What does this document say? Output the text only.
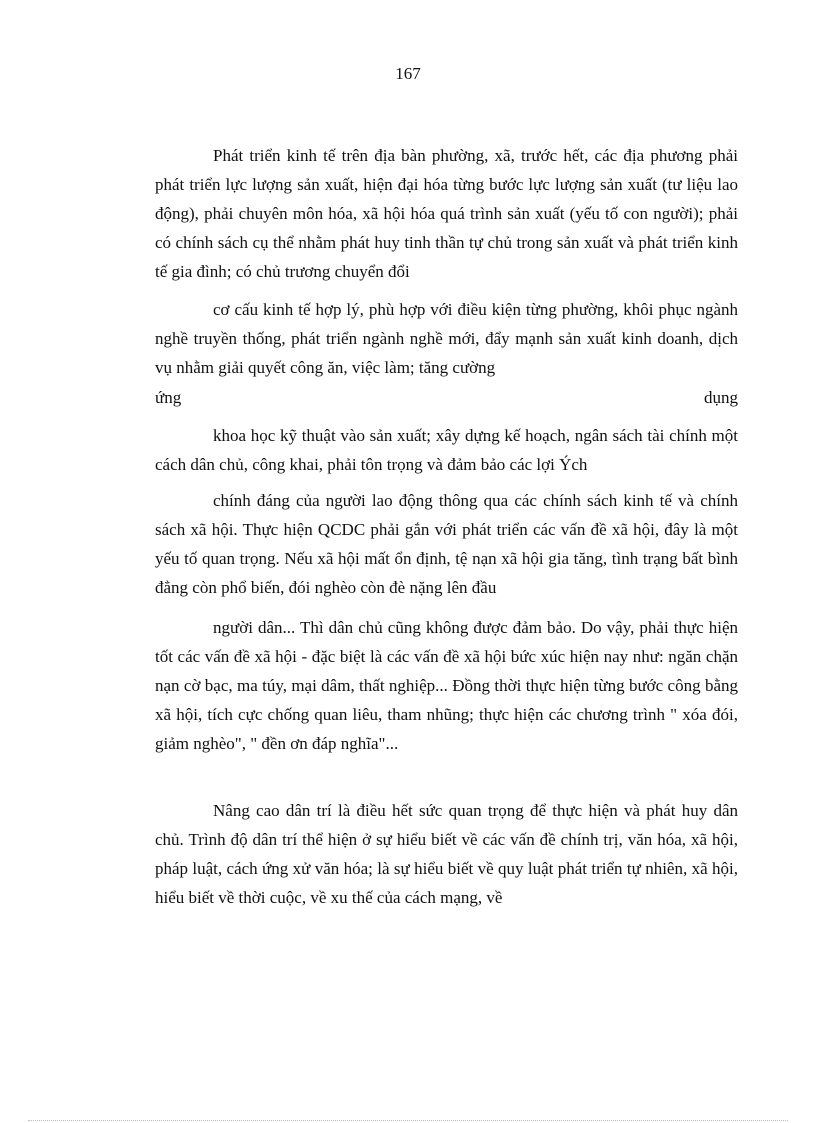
167
Phát triển kinh tế trên địa bàn phường, xã, trước hết, các địa phương phải phát triển lực lượng sản xuất, hiện đại hóa từng bước lực lượng sản xuất (tư liệu lao động), phải chuyên môn hóa, xã hội hóa quá trình sản xuất (yếu tố con người); phải có chính sách cụ thể nhằm phát huy tinh thần tự chủ trong sản xuất và phát triển kinh tế gia đình; có chủ trương chuyển đổi
cơ cấu kinh tế hợp lý, phù hợp với điều kiện từng phường, khôi phục ngành nghề truyền thống, phát triển ngành nghề mới, đẩy mạnh sản xuất kinh doanh, dịch vụ nhằm giải quyết công ăn, việc làm; tăng cường
ứng	dụng
khoa học kỹ thuật vào sản xuất; xây dựng kế hoạch, ngân sách tài chính một cách dân chủ, công khai, phải tôn trọng và đảm bảo các lợi Ých
chính đáng của người lao động thông qua các chính sách kinh tế và chính sách xã hội. Thực hiện QCDC phải gắn với phát triển các vấn đề xã hội, đây là một yếu tố quan trọng. Nếu xã hội mất ổn định, tệ nạn xã hội gia tăng, tình trạng bất bình đẳng còn phổ biến, đói nghèo còn đè nặng lên đầu
người dân... Thì dân chủ cũng không được đảm bảo. Do vậy, phải thực hiện tốt các vấn đề xã hội - đặc biệt là các vấn đề xã hội bức xúc hiện nay như: ngăn chặn nạn cờ bạc, ma túy, mại dâm, thất nghiệp... Đồng thời thực hiện từng bước công bằng xã hội, tích cực chống quan liêu, tham nhũng; thực hiện các chương trình " xóa đói, giảm nghèo", " đền ơn đáp nghĩa"...
Nâng cao dân trí là điều hết sức quan trọng để thực hiện và phát huy dân chủ. Trình độ dân trí thể hiện ở sự hiểu biết về các vấn đề chính trị, văn hóa, xã hội, pháp luật, cách ứng xử văn hóa; là sự hiểu biết về quy luật phát triển tự nhiên, xã hội, hiểu biết về thời cuộc, về xu thế của cách mạng, về
